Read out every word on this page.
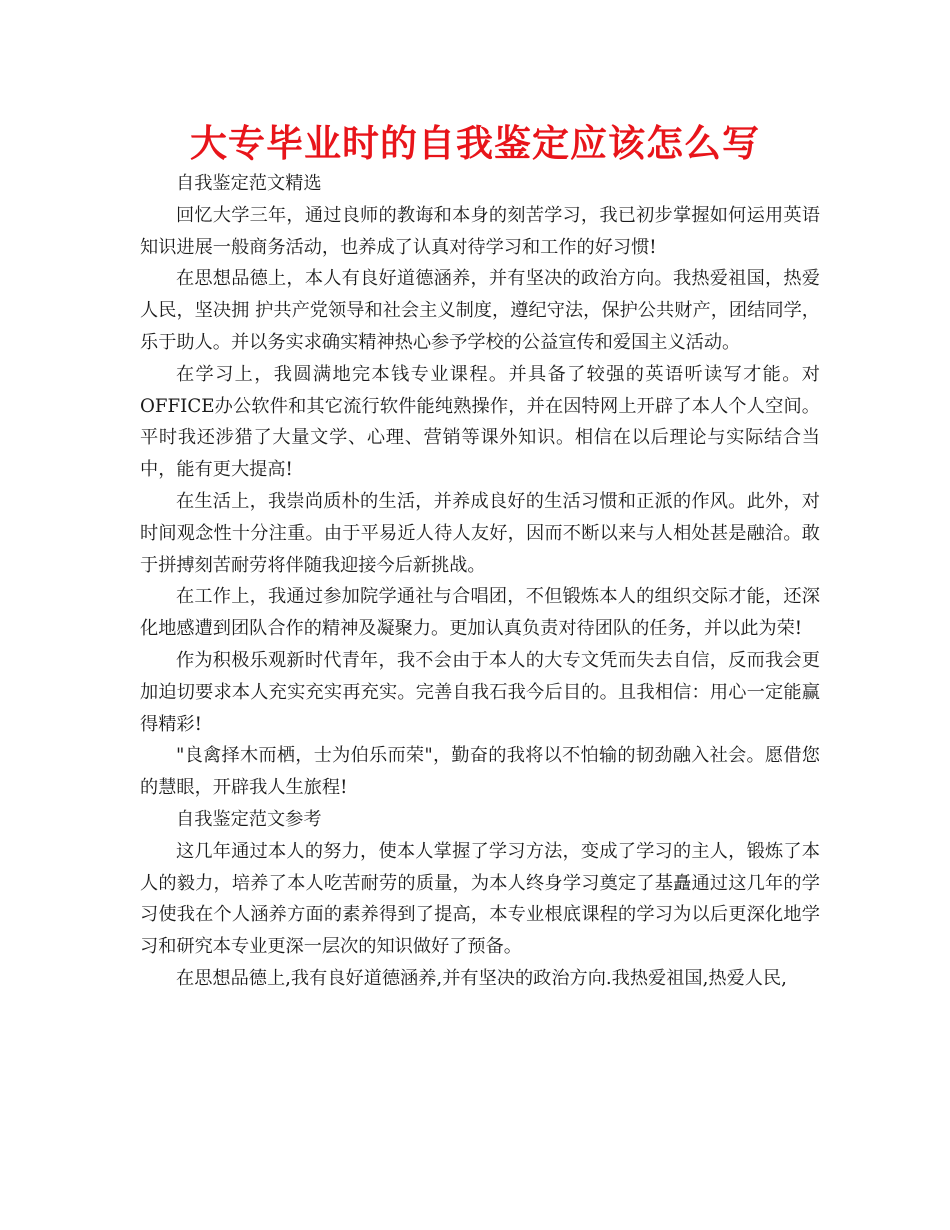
大专毕业时的自我鉴定应该怎么写

自我鉴定范文精选

回忆大学三年，通过良师的教诲和本身的刻苦学习，我已初步掌握如何运用英语知识进展一般商务活动，也养成了认真对待学习和工作的好习惯!

在思想品德上，本人有良好道德涵养，并有坚决的政治方向。我热爱祖国，热爱人民，坚决拥 护共产党领导和社会主义制度，遵纪守法，保护公共财产，团结同学，乐于助人。并以务实求确实精神热心参予学校的公益宣传和爱国主义活动。

在学习上，我圆满地完本钱专业课程。并具备了较强的英语听读写才能。对OFFICE办公软件和其它流行软件能纯熟操作，并在因特网上开辟了本人个人空间。平时我还涉猎了大量文学、心理、营销等课外知识。相信在以后理论与实际结合当中，能有更大提高!

在生活上，我崇尚质朴的生活，并养成良好的生活习惯和正派的作风。此外，对时间观念性十分注重。由于平易近人待人友好，因而不断以来与人相处甚是融洽。敢于拼搏刻苦耐劳将伴随我迎接今后新挑战。

在工作上，我通过参加院学通社与合唱团，不但锻炼本人的组织交际才能，还深化地感遭到团队合作的精神及凝聚力。更加认真负责对待团队的任务，并以此为荣!

作为积极乐观新时代青年，我不会由于本人的大专文凭而失去自信，反而我会更加迫切要求本人充实充实再充实。完善自我石我今后目的。且我相信：用心一定能赢得精彩!

"良禽择木而栖，士为伯乐而荣"，勤奋的我将以不怕输的韧劲融入社会。愿借您的慧眼，开辟我人生旅程!

自我鉴定范文参考

这几年通过本人的努力，使本人掌握了学习方法，变成了学习的主人，锻炼了本人的毅力，培养了本人吃苦耐劳的质量，为本人终身学习奠定了基矗通过这几年的学习使我在个人涵养方面的素养得到了提高，本专业根底课程的学习为以后更深化地学习和研究本专业更深一层次的知识做好了预备。

在思想品德上,我有良好道德涵养,并有坚决的政治方向.我热爱祖国,热爱人民,
